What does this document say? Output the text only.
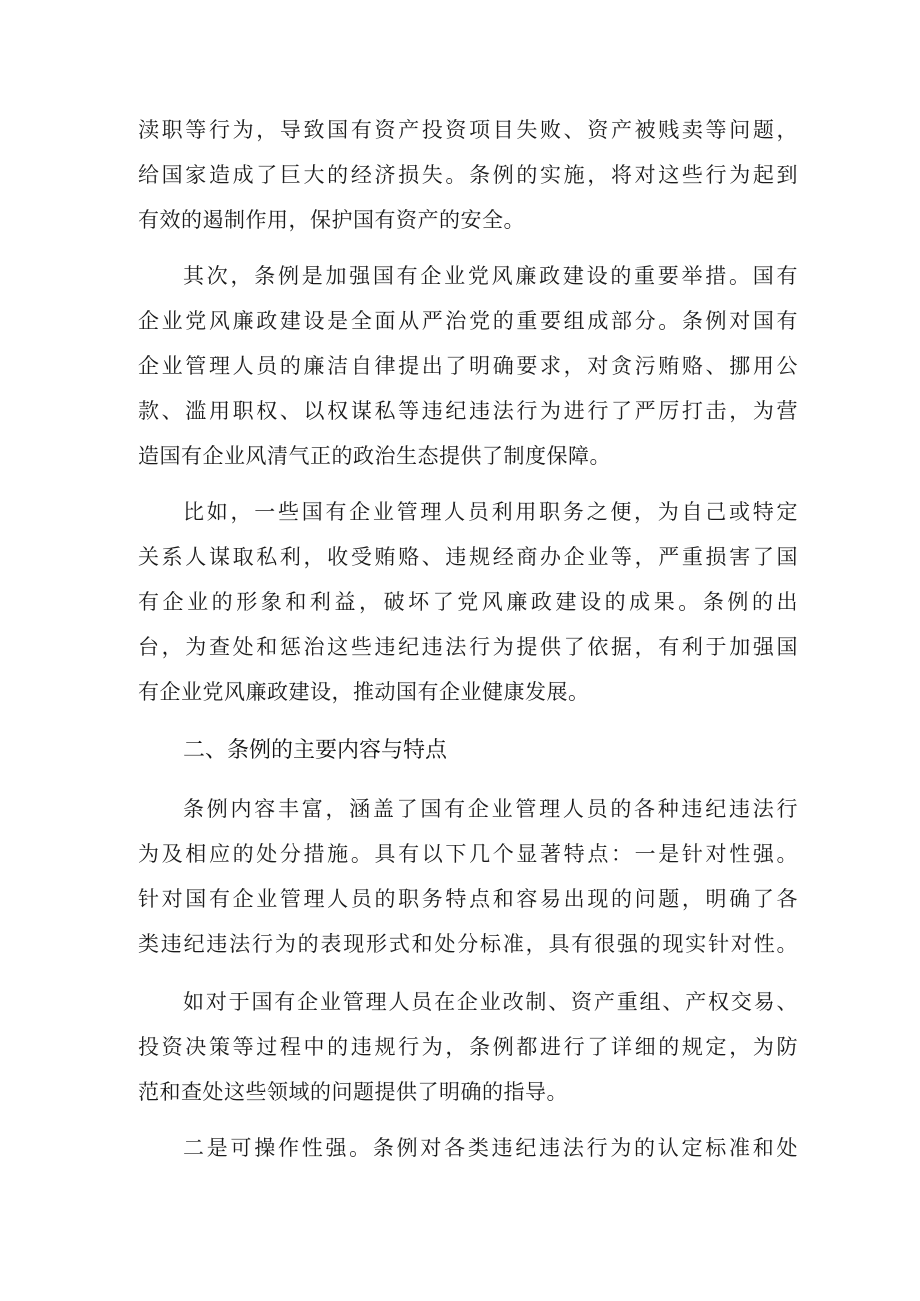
渎职等行为，导致国有资产投资项目失败、资产被贱卖等问题，
给国家造成了巨大的经济损失。条例的实施，将对这些行为起到
有效的遏制作用，保护国有资产的安全。
其次，条例是加强国有企业党风廉政建设的重要举措。国有
企业党风廉政建设是全面从严治党的重要组成部分。条例对国有
企业管理人员的廉洁自律提出了明确要求，对贪污贿赂、挪用公
款、滥用职权、以权谋私等违纪违法行为进行了严厉打击，为营
造国有企业风清气正的政治生态提供了制度保障。
比如，一些国有企业管理人员利用职务之便，为自己或特定
关系人谋取私利，收受贿赂、违规经商办企业等，严重损害了国
有企业的形象和利益，破坏了党风廉政建设的成果。条例的出
台，为查处和惩治这些违纪违法行为提供了依据，有利于加强国
有企业党风廉政建设，推动国有企业健康发展。
二、条例的主要内容与特点
条例内容丰富，涵盖了国有企业管理人员的各种违纪违法行
为及相应的处分措施。具有以下几个显著特点：一是针对性强。
针对国有企业管理人员的职务特点和容易出现的问题，明确了各
类违纪违法行为的表现形式和处分标准，具有很强的现实针对性。
如对于国有企业管理人员在企业改制、资产重组、产权交易、
投资决策等过程中的违规行为，条例都进行了详细的规定，为防
范和查处这些领域的问题提供了明确的指导。
二是可操作性强。条例对各类违纪违法行为的认定标准和处
